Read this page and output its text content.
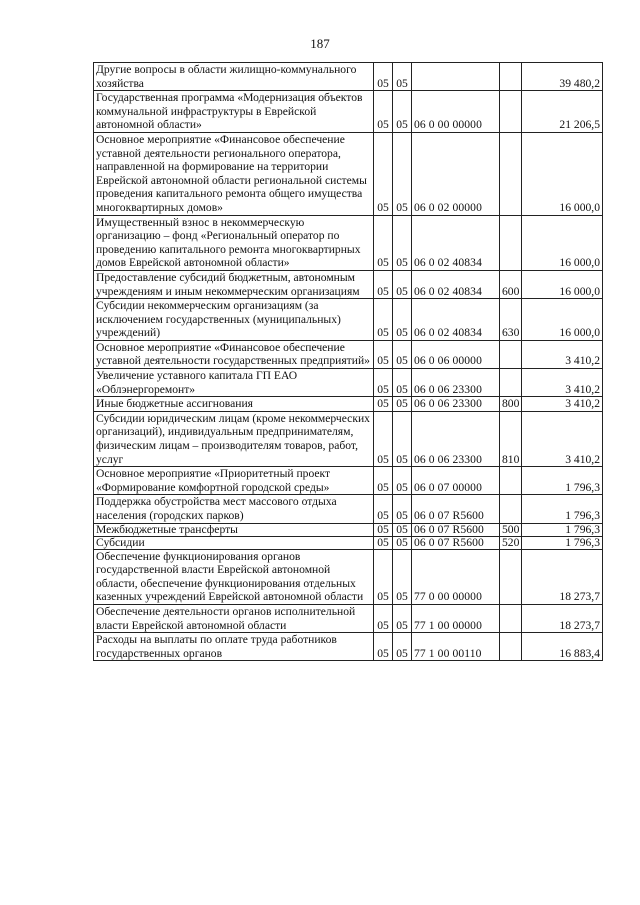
187
Другие вопросы в области жилищно-коммунального хозяйства	05	05			39 480,2
Государственная программа «Модернизация объектов коммунальной инфраструктуры в Еврейской автономной области»	05	05	06 0 00 00000		21 206,5
Основное мероприятие «Финансовое обеспечение уставной деятельности регионального оператора, направленной на формирование на территории Еврейской автономной области региональной системы проведения капитального ремонта общего имущества многоквартирных домов»	05	05	06 0 02 00000		16 000,0
Имущественный взнос в некоммерческую организацию – фонд «Региональный оператор по проведению капитального ремонта многоквартирных домов Еврейской автономной области»	05	05	06 0 02 40834		16 000,0
Предоставление субсидий бюджетным, автономным учреждениям и иным некоммерческим организациям	05	05	06 0 02 40834	600	16 000,0
Субсидии некоммерческим организациям (за исключением государственных (муниципальных) учреждений)	05	05	06 0 02 40834	630	16 000,0
Основное мероприятие «Финансовое обеспечение уставной деятельности государственных предприятий»	05	05	06 0 06 00000		3 410,2
Увеличение уставного капитала ГП ЕАО «Облэнергоремонт»	05	05	06 0 06 23300		3 410,2
Иные бюджетные ассигнования	05	05	06 0 06 23300	800	3 410,2
Субсидии юридическим лицам (кроме некоммерческих организаций), индивидуальным предпринимателям, физическим лицам – производителям товаров, работ, услуг	05	05	06 0 06 23300	810	3 410,2
Основное мероприятие «Приоритетный проект «Формирование комфортной городской среды»	05	05	06 0 07 00000		1 796,3
Поддержка обустройства мест массового отдыха населения (городских парков)	05	05	06 0 07 R5600		1 796,3
Межбюджетные трансферты	05	05	06 0 07 R5600	500	1 796,3
Субсидии	05	05	06 0 07 R5600	520	1 796,3
Обеспечение функционирования органов государственной власти Еврейской автономной области, обеспечение функционирования отдельных казенных учреждений Еврейской автономной области	05	05	77 0 00 00000		18 273,7
Обеспечение деятельности органов исполнительной власти Еврейской автономной области	05	05	77 1 00 00000		18 273,7
Расходы на выплаты по оплате труда работников государственных органов	05	05	77 1 00 00110		16 883,4
